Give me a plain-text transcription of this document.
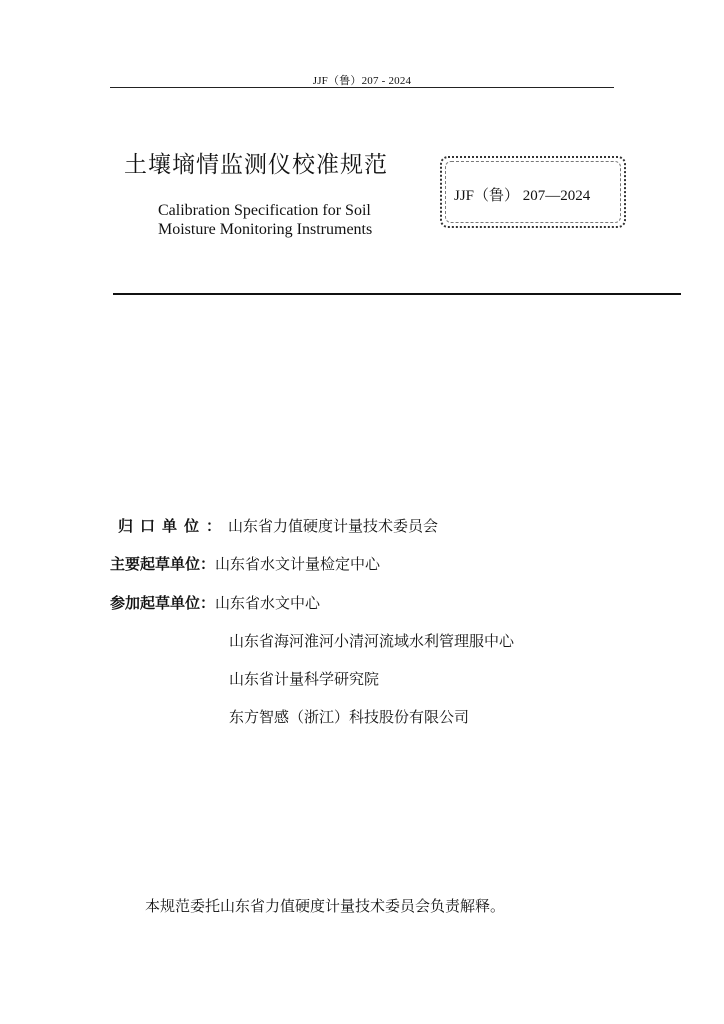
JJF（鲁）207 - 2024
土壤墒情监测仪校准规范
Calibration Specification for Soil
Moisture Monitoring Instruments
JJF（鲁） 207—2024
归口单位：山东省力值硬度计量技术委员会
主要起草单位：山东省水文计量检定中心
参加起草单位：山东省水文中心
山东省海河淮河小清河流域水利管理服中心
山东省计量科学研究院
东方智感（浙江）科技股份有限公司
本规范委托山东省力值硬度计量技术委员会负责解释。
